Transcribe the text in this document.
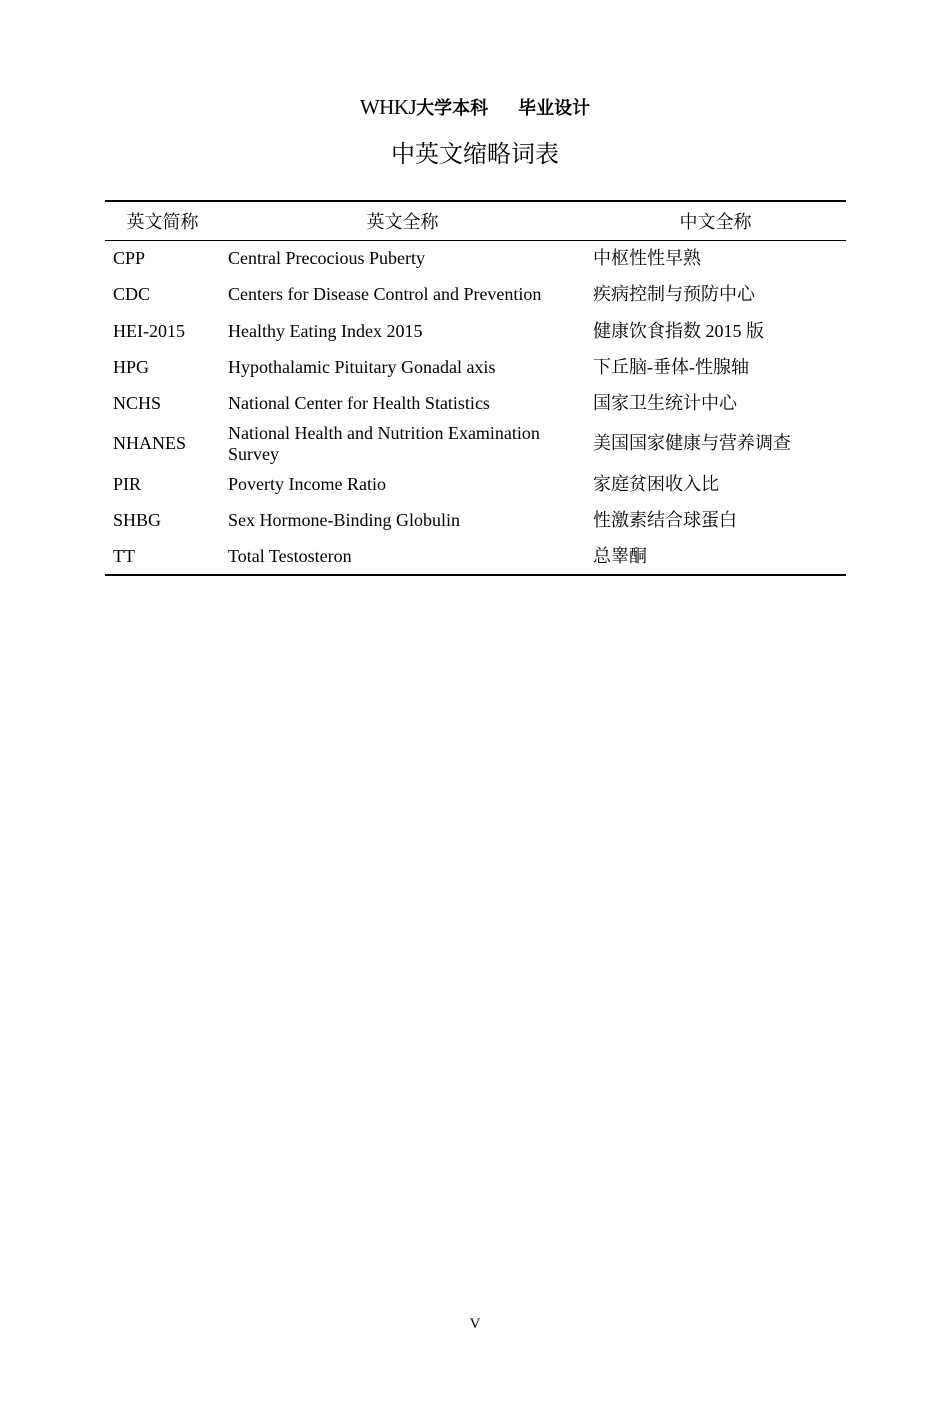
WHKJ大学本科 毕业设计
中英文缩略词表
英文简称	英文全称	中文全称
CPP	Central Precocious Puberty	中枢性性早熟
CDC	Centers for Disease Control and Prevention	疾病控制与预防中心
HEI-2015	Healthy Eating Index 2015	健康饮食指数 2015 版
HPG	Hypothalamic Pituitary Gonadal axis	下丘脑-垂体-性腺轴
NCHS	National Center for Health Statistics	国家卫生统计中心
NHANES	National Health and Nutrition Examination Survey	美国国家健康与营养调查
PIR	Poverty Income Ratio	家庭贫困收入比
SHBG	Sex Hormone-Binding Globulin	性激素结合球蛋白
TT	Total Testosteron	总睾酮
V
